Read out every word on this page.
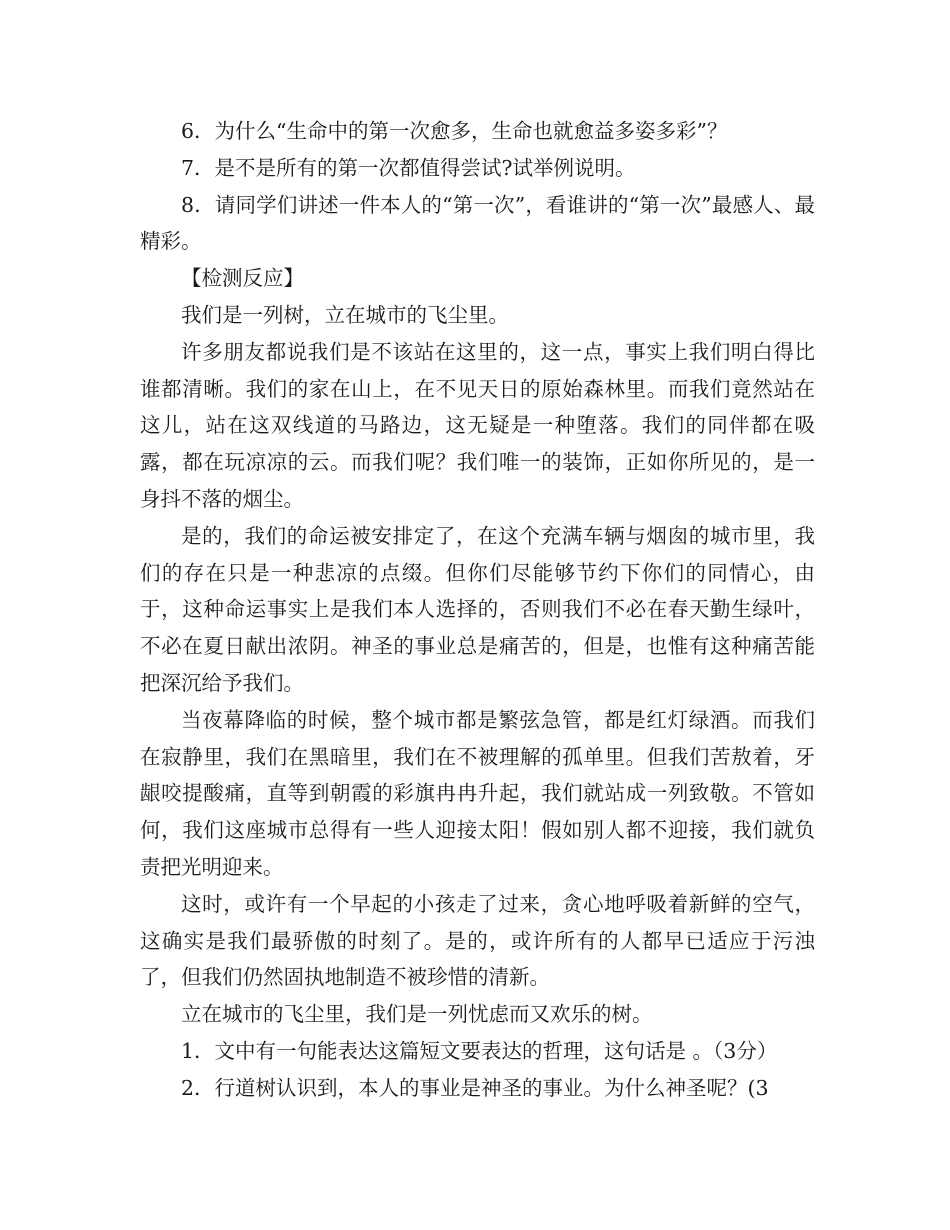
6．为什么“生命中的第一次愈多，生命也就愈益多姿多彩”？

7．是不是所有的第一次都值得尝试?试举例说明。

8．请同学们讲述一件本人的“第一次”，看谁讲的“第一次”最感人、最精彩。

【检测反应】

我们是一列树，立在城市的飞尘里。

许多朋友都说我们是不该站在这里的，这一点，事实上我们明白得比谁都清晰。我们的家在山上，在不见天日的原始森林里。而我们竟然站在这儿，站在这双线道的马路边，这无疑是一种堕落。我们的同伴都在吸露，都在玩凉凉的云。而我们呢？我们唯一的装饰，正如你所见的，是一身抖不落的烟尘。

是的，我们的命运被安排定了，在这个充满车辆与烟囱的城市里，我们的存在只是一种悲凉的点缀。但你们尽能够节约下你们的同情心，由于，这种命运事实上是我们本人选择的，否则我们不必在春天勤生绿叶，不必在夏日献出浓阴。神圣的事业总是痛苦的，但是，也惟有这种痛苦能把深沉给予我们。

当夜幕降临的时候，整个城市都是繁弦急管，都是红灯绿酒。而我们在寂静里，我们在黑暗里，我们在不被理解的孤单里。但我们苦敖着，牙龈咬提酸痛，直等到朝霞的彩旗冉冉升起，我们就站成一列致敬。不管如何，我们这座城市总得有一些人迎接太阳！假如别人都不迎接，我们就负责把光明迎来。

这时，或许有一个早起的小孩走了过来，贪心地呼吸着新鲜的空气，这确实是我们最骄傲的时刻了。是的，或许所有的人都早已适应于污浊了，但我们仍然固执地制造不被珍惜的清新。

立在城市的飞尘里，我们是一列忧虑而又欢乐的树。

1．文中有一句能表达这篇短文要表达的哲理，这句话是 。（3分）

2．行道树认识到，本人的事业是神圣的事业。为什么神圣呢？(3
